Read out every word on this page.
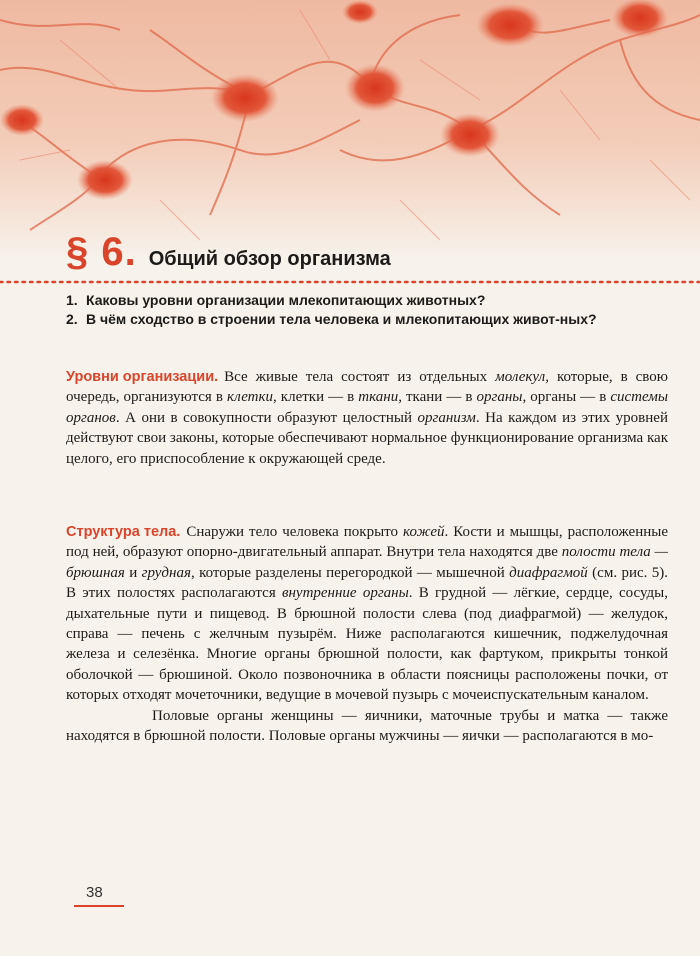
§ 6. Общий обзор организма
1. Каковы уровни организации млекопитающих животных?
2. В чём сходство в строении тела человека и млекопитающих живот-ных?
Уровни организации. Все живые тела состоят из отдельных молекул, которые, в свою очередь, организуются в клетки, клетки — в ткани, ткани — в органы, органы — в системы органов. А они в совокупности образуют целостный организм. На каждом из этих уровней действуют свои законы, которые обеспечивают нормальное функционирование организма как целого, его приспособление к окружающей среде.
Структура тела. Снаружи тело человека покрыто кожей. Кости и мышцы, расположенные под ней, образуют опорно-двигательный аппарат. Внутри тела находятся две полости тела — брюшная и грудная, которые разделены перегородкой — мышечной диафрагмой (см. рис. 5). В этих полостях располагаются внутренние органы. В грудной — лёгкие, сердце, сосуды, дыхательные пути и пищевод. В брюшной полости слева (под диафрагмой) — желудок, справа — печень с желчным пузырём. Ниже располагаются кишечник, поджелудочная железа и селезёнка. Многие органы брюшной полости, как фартуком, прикрыты тонкой оболочкой — брюшиной. Около позвоночника в области поясницы расположены почки, от которых отходят мочеточники, ведущие в мочевой пузырь с мочеиспускательным каналом.
Половые органы женщины — яичники, маточные трубы и матка — также находятся в брюшной полости. Половые органы мужчины — яички — располагаются в мо-
38
